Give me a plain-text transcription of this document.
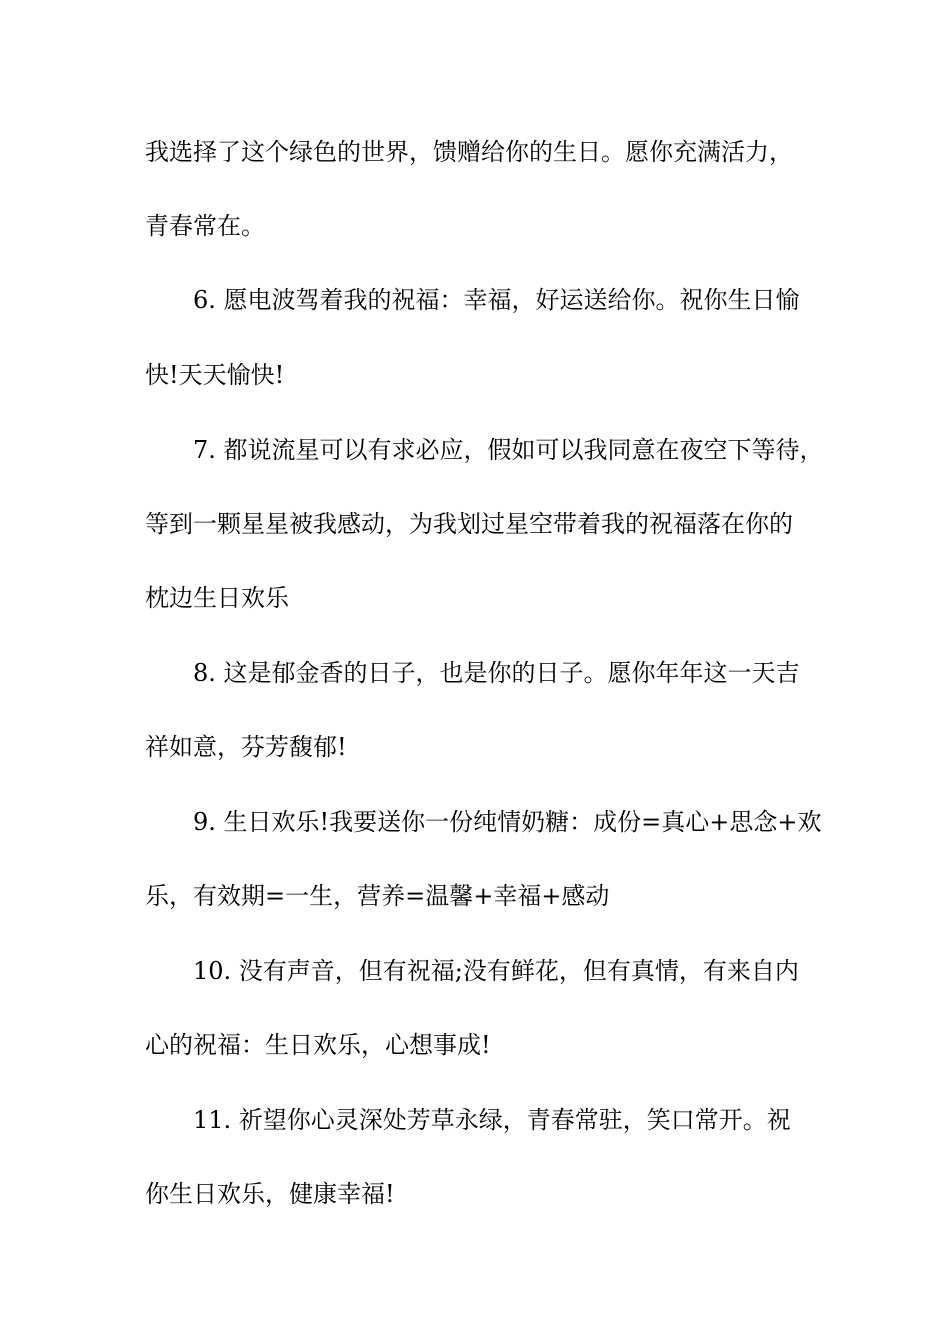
我选择了这个绿色的世界，馈赠给你的生日。愿你充满活力，
青春常在。
6. 愿电波驾着我的祝福：幸福，好运送给你。祝你生日愉
快!天天愉快!
7. 都说流星可以有求必应，假如可以我同意在夜空下等待，
等到一颗星星被我感动，为我划过星空带着我的祝福落在你的
枕边生日欢乐
8. 这是郁金香的日子，也是你的日子。愿你年年这一天吉
祥如意，芬芳馥郁!
9. 生日欢乐!我要送你一份纯情奶糖：成份=真心+思念+欢
乐，有效期=一生，营养=温馨+幸福+感动
10. 没有声音，但有祝福;没有鲜花，但有真情，有来自内
心的祝福：生日欢乐，心想事成!
11. 祈望你心灵深处芳草永绿，青春常驻，笑口常开。祝
你生日欢乐，健康幸福!
